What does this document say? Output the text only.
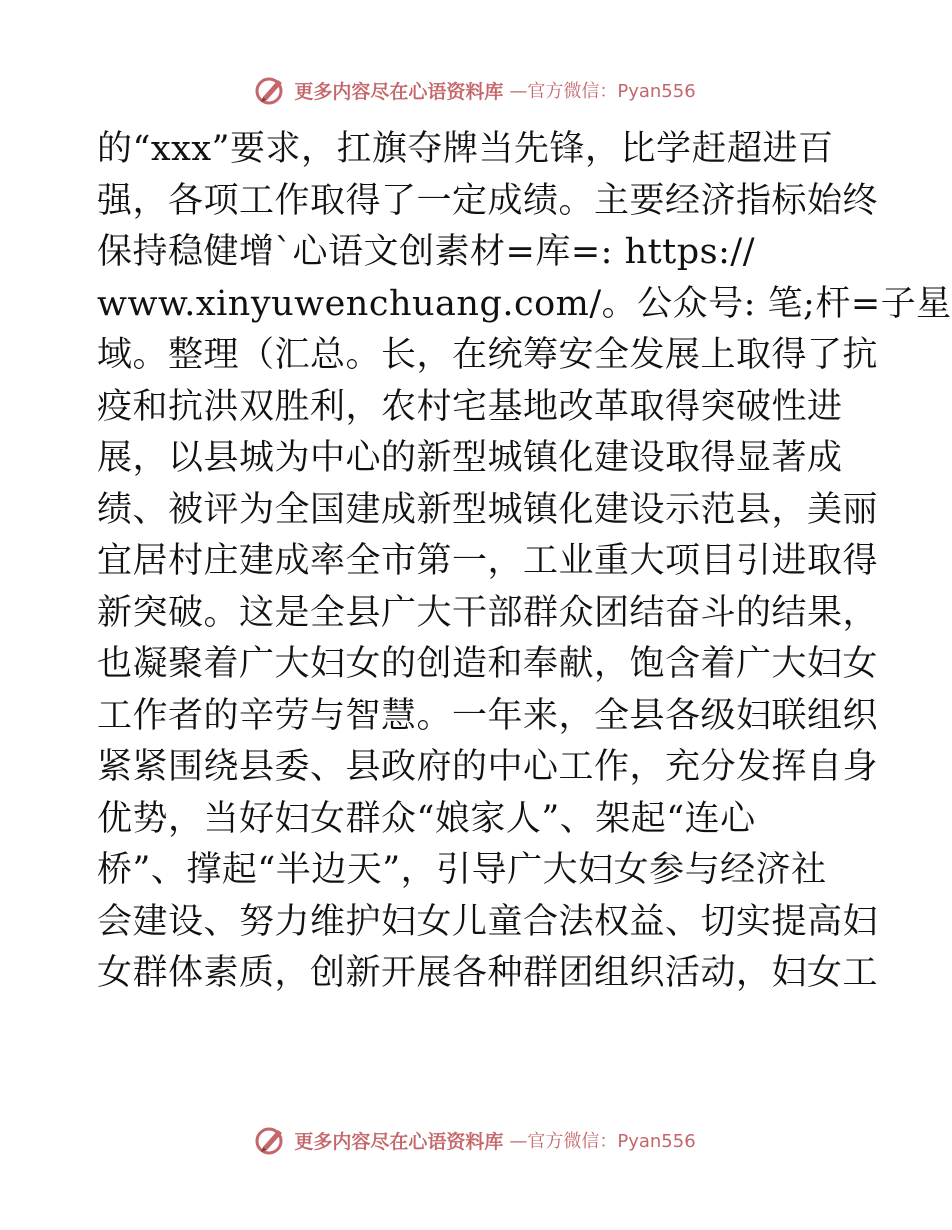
更多内容尽在心语资料库 —官方微信：Pyan556
的“xxx”要求，扛旗夺牌当先锋，比学赶超进百
强，各项工作取得了一定成绩。主要经济指标始终
保持稳健增ˋ心语文创素材=库=: https://
www.xinyuwenchuang.com/。公众号: 笔;杆=子星
域。整理（汇总。长，在统筹安全发展上取得了抗
疫和抗洪双胜利，农村宅基地改革取得突破性进
展，以县城为中心的新型城镇化建设取得显著成
绩、被评为全国建成新型城镇化建设示范县，美丽
宜居村庄建成率全市第一，工业重大项目引进取得
新突破。这是全县广大干部群众团结奋斗的结果，
也凝聚着广大妇女的创造和奉献，饱含着广大妇女
工作者的辛劳与智慧。一年来，全县各级妇联组织
紧紧围绕县委、县政府的中心工作，充分发挥自身
优势，当好妇女群众“娘家人”、架起“连心
桥”、撑起“半边天”，引导广大妇女参与经济社
会建设、努力维护妇女儿童合法权益、切实提高妇
女群体素质，创新开展各种群团组织活动，妇女工
更多内容尽在心语资料库 —官方微信：Pyan556
